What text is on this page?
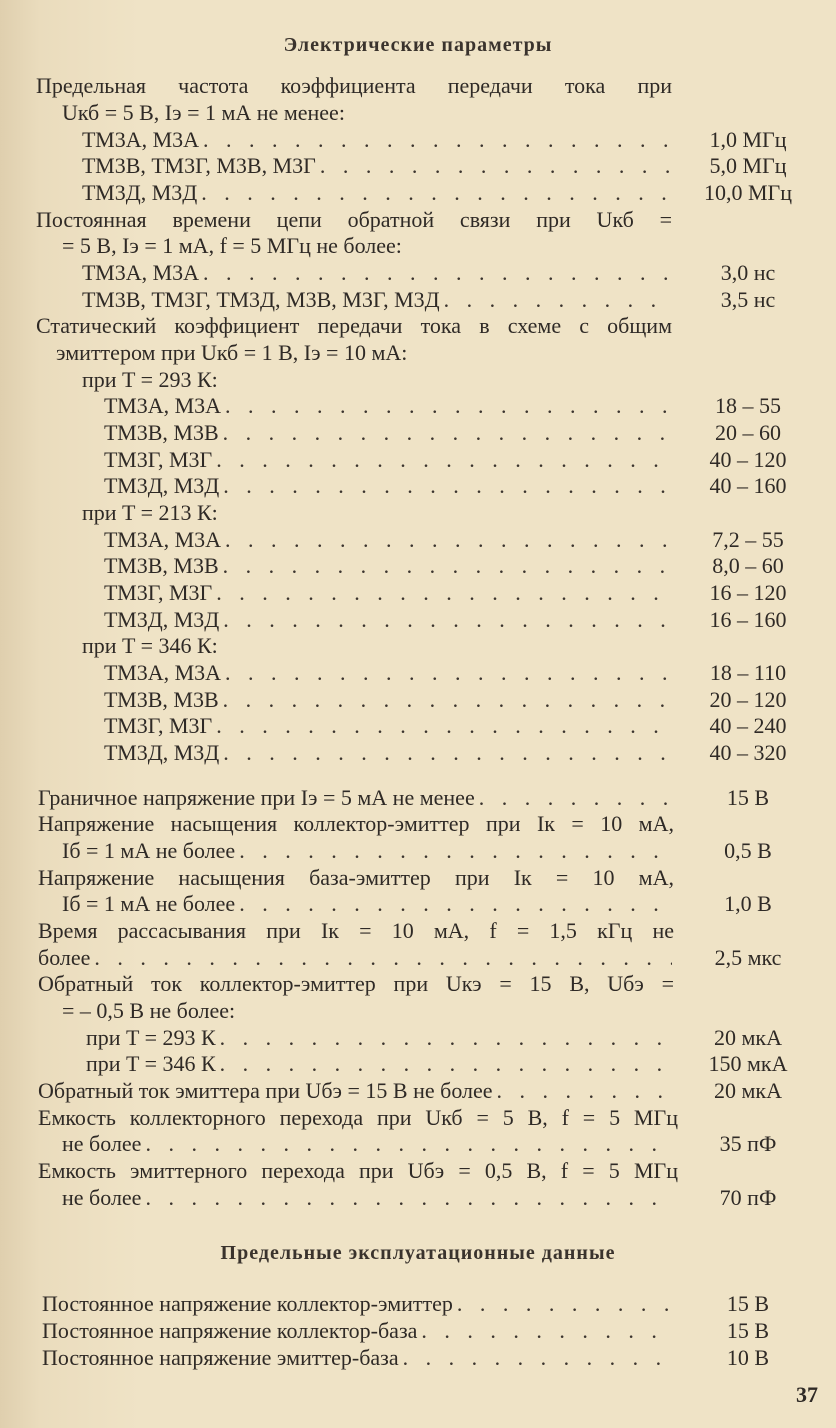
Электрические параметры
Предельная частота коэффициента передачи тока при
Uкб = 5 В, Iэ = 1 мА не менее:
ТМ3А, М3А . . .	1,0 МГц
ТМ3В, ТМ3Г, М3В, М3Г . . .	5,0 МГц
ТМ3Д, М3Д . . .	10,0 МГц
Постоянная времени цепи обратной связи при Uкб =
= 5 В, Iэ = 1 мА, f = 5 МГц не более:
ТМ3А, М3А . . .	3,0 нс
ТМ3В, ТМ3Г, ТМ3Д, М3В, М3Г, М3Д . . .	3,5 нс
Статический коэффициент передачи тока в схеме с общим
эмиттером при Uкб = 1 В, Iэ = 10 мА:
при T = 293 К:
ТМ3А, М3А . . .	18 – 55
ТМ3В, М3В . . .	20 – 60
ТМ3Г, М3Г . . .	40 – 120
ТМ3Д, М3Д . . .	40 – 160
при T = 213 К:
ТМ3А, М3А . . .	7,2 – 55
ТМ3В, М3В . . .	8,0 – 60
ТМ3Г, М3Г . . .	16 – 120
ТМ3Д, М3Д . . .	16 – 160
при T = 346 К:
ТМ3А, М3А . . .	18 – 110
ТМ3В, М3В . . .	20 – 120
ТМ3Г, М3Г . . .	40 – 240
ТМ3Д, М3Д . . .	40 – 320
Граничное напряжение при Iэ = 5 мА не менее . . .	15 В
Напряжение насыщения коллектор-эмиттер при Iк = 10 мА,
Iб = 1 мА не более . . .	0,5 В
Напряжение насыщения база-эмиттер при Iк = 10 мА,
Iб = 1 мА не более . . .	1,0 В
Время рассасывания при Iк = 10 мА, f = 1,5 кГц не
более . . .	2,5 мкс
Обратный ток коллектор-эмиттер при Uкэ = 15 В, Uбэ =
= – 0,5 В не более:
при T = 293 К . . .	20 мкА
при T = 346 К . . .	150 мкА
Обратный ток эмиттера при Uбэ = 15 В не более . . .	20 мкА
Емкость коллекторного перехода при Uкб = 5 В, f = 5 МГц
не более . . .	35 пФ
Емкость эмиттерного перехода при Uбэ = 0,5 В, f = 5 МГц
не более . . .	70 пФ
Предельные эксплуатационные данные
Постоянное напряжение коллектор-эмиттер . . .	15 В
Постоянное напряжение коллектор-база . . .	15 В
Постоянное напряжение эмиттер-база . . .	10 В
37
